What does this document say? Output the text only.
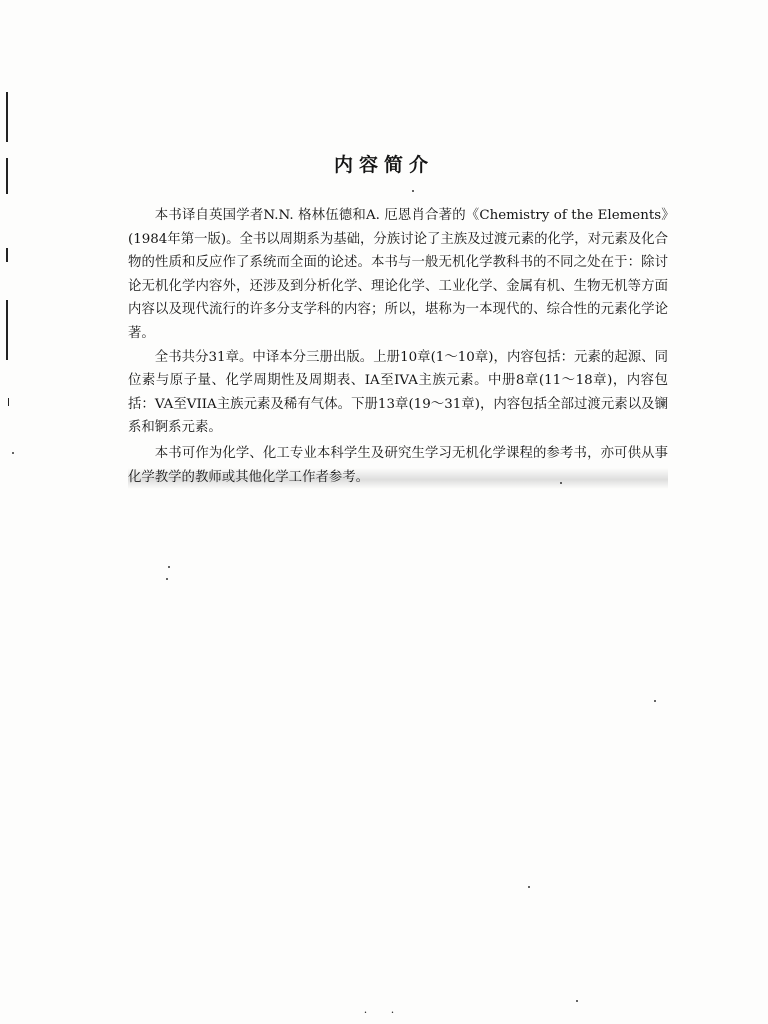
内容简介

本书译自英国学者N.N. 格林伍德和A. 厄恩肖合著的《Chemistry of the Elements》(1984年第一版)。全书以周期系为基础，分族讨论了主族及过渡元素的化学，对元素及化合物的性质和反应作了系统而全面的论述。本书与一般无机化学教科书的不同之处在于：除讨论无机化学内容外，还涉及到分析化学、理论化学、工业化学、金属有机、生物无机等方面内容以及现代流行的许多分支学科的内容；所以，堪称为一本现代的、综合性的元素化学论著。

全书共分31章。中译本分三册出版。上册10章(1～10章)，内容包括：元素的起源、同位素与原子量、化学周期性及周期表、IA至IVA主族元素。中册8章(11～18章)，内容包括：VA至VIIA主族元素及稀有气体。下册13章(19～31章)，内容包括全部过渡元素以及镧系和锕系元素。

本书可作为化学、化工专业本科学生及研究生学习无机化学课程的参考书，亦可供从事化学教学的教师或其他化学工作者参考。

· ·
